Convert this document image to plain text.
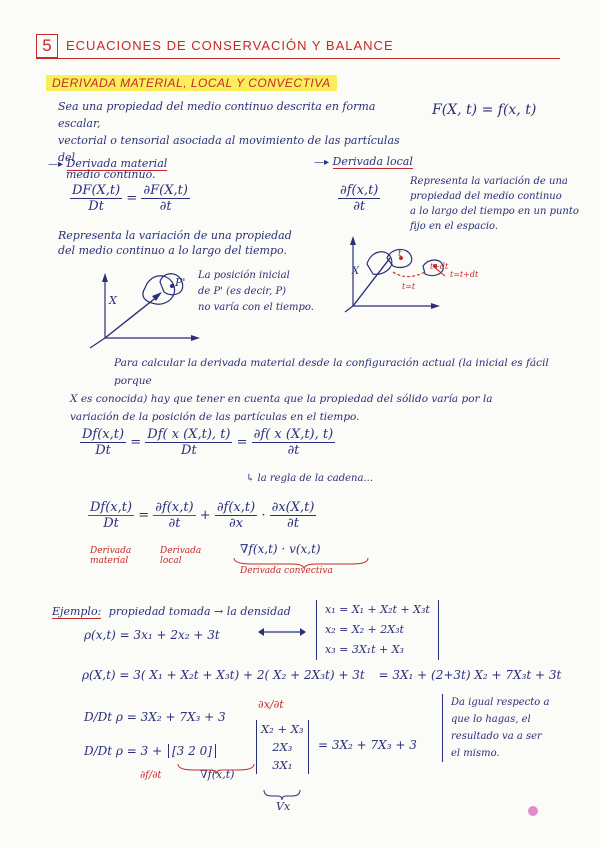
5	ECUACIONES DE CONSERVACIÓN Y BALANCE
DERIVADA MATERIAL, LOCAL Y CONVECTIVA
Sea una propiedad del medio continuo descrita en forma escalar,
vectorial o tensorial asociada al movimiento de las partículas del
medio continuo.
F(X, t) = f(x, t)
—▸ Derivada material
$\frac{DF(X,t)}{Dt} = \frac{\partial F(X,t)}{\partial t}$
Representa la variación de una propiedad
del medio continuo a lo largo del tiempo.
X
P'
La posición inicial
de P' (es decir, P)
no varía con el tiempo.
—▸ Derivada local
$\frac{\partial f(x,t)}{\partial t}$
Representa la variación de una
propiedad del medio continuo
a lo largo del tiempo en un punto
fijo en el espacio.
X
t
t+dt
t=t
t=t+dt
Para calcular la derivada material desde la configuración actual (la inicial es fácil porque
X es conocida) hay que tener en cuenta que la propiedad del sólido varía por la
variación de la posición de las partículas en el tiempo.
$\frac{Df(x,t)}{Dt} = \frac{Df( x (X,t), t)}{Dt} = \frac{\partial f( x (X,t), t)}{\partial t}$
↳ la regla de la cadena...
$\frac{Df(x,t)}{Dt} = \frac{\partial f(x,t)}{\partial t} + \frac{\partial f(x,t)}{\partial x} \cdot \frac{\partial x(X,t)}{\partial t}$
∇f(x,t) · v(x,t)
Derivada material
Derivada local
Derivada convectiva
Ejemplo: propiedad tomada → la densidad
ρ(x,t) = 3x₁ + 2x₂ + 3t
x₁ = X₁ + X₂t + X₃t
x₂ = X₂ + 2X₃t
x₃ = 3X₁t + X₃
ρ(X,t) = 3( X₁ + X₂t + X₃t) + 2( X₂ + 2X₃t) + 3t = 3X₁ + (2+3t) X₂ + 7X₃t + 3t
D/Dt ρ = 3X₂ + 7X₃ + 3
∂x/∂t
D/Dt ρ = 3 + [3 2 0]
X₂ + X₃
2X₃
3X₁
= 3X₂ + 7X₃ + 3
∂f/∂t	∇f(x,t)
Vx
Da igual respecto a
que lo hagas, el
resultado va a ser
el mismo.
